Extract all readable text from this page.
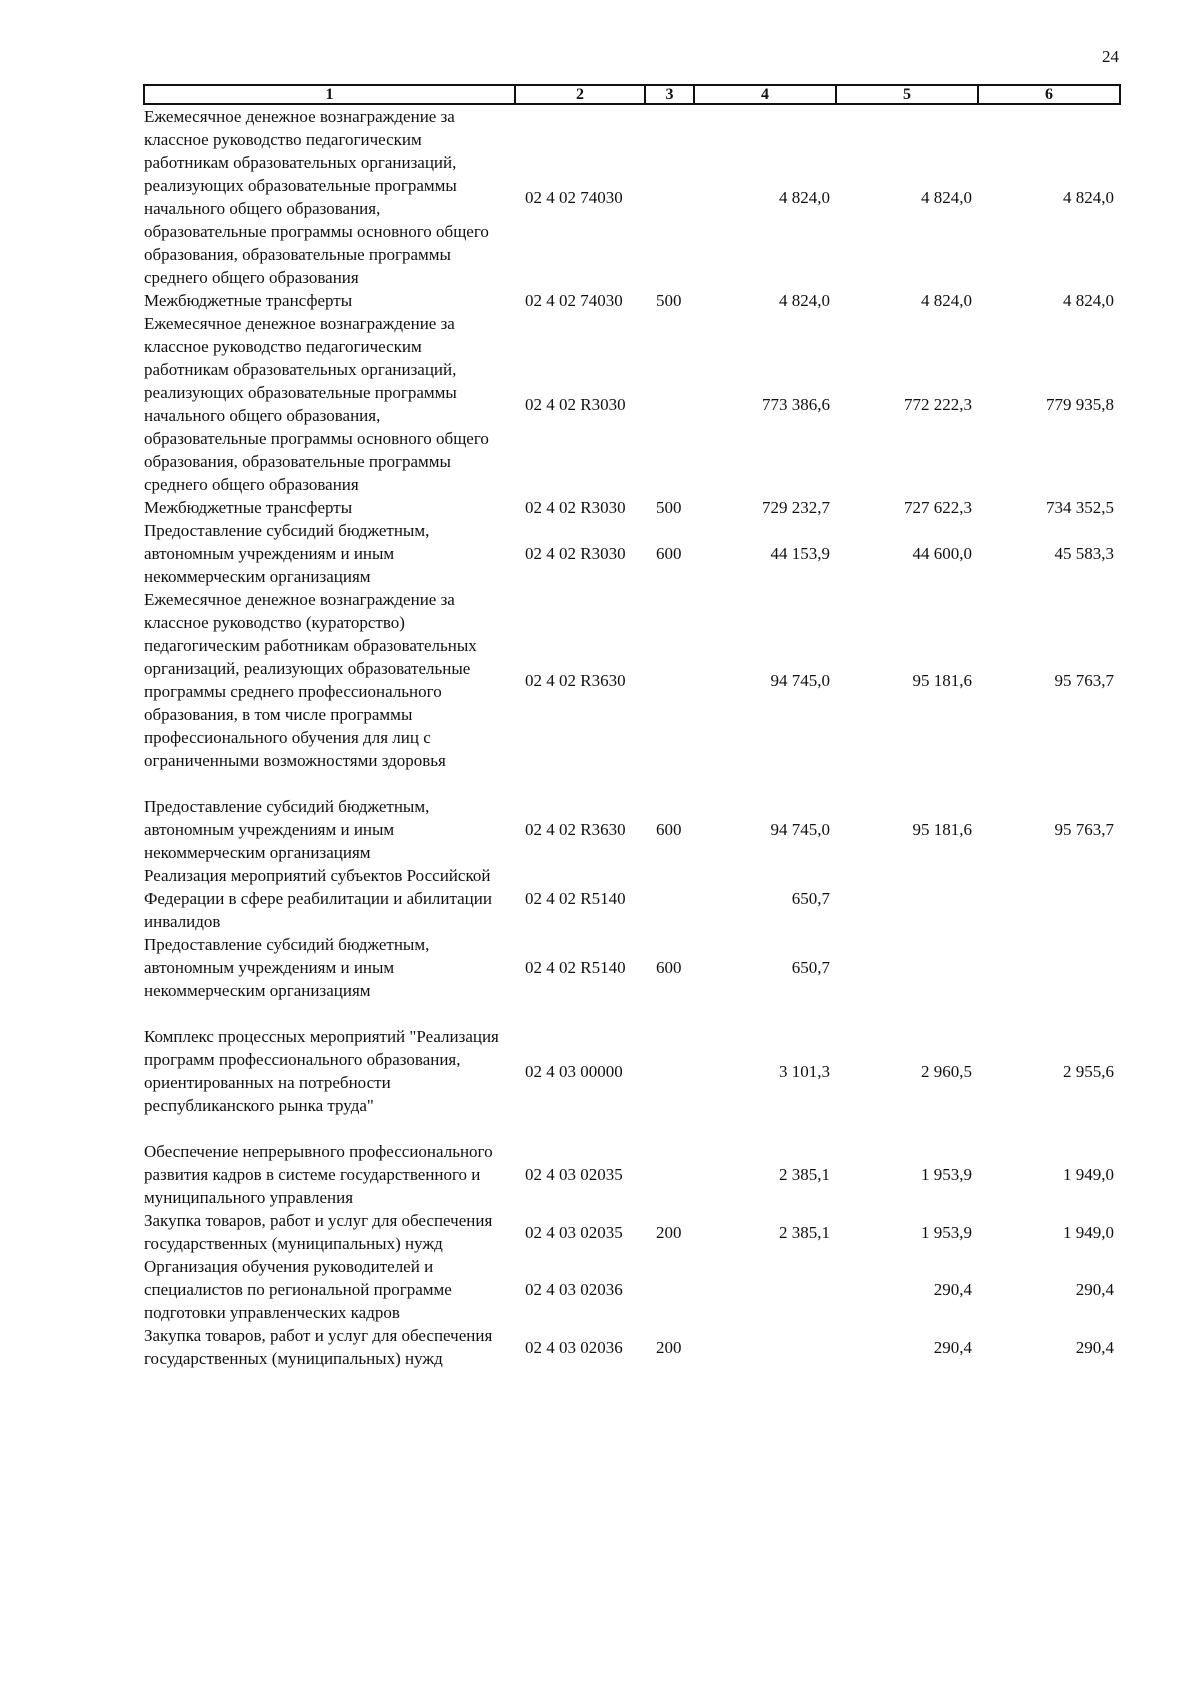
24
1	2	3	4	5	6
Ежемесячное денежное вознаграждение за классное руководство педагогическим работникам образовательных организаций, реализующих образовательные программы начального общего образования, образовательные программы основного общего образования, образовательные программы среднего общего образования	02 4 02 74030		4 824,0	4 824,0	4 824,0
Межбюджетные трансферты	02 4 02 74030	500	4 824,0	4 824,0	4 824,0
Ежемесячное денежное вознаграждение за классное руководство педагогическим работникам образовательных организаций, реализующих образовательные программы начального общего образования, образовательные программы основного общего образования, образовательные программы среднего общего образования	02 4 02 R3030		773 386,6	772 222,3	779 935,8
Межбюджетные трансферты	02 4 02 R3030	500	729 232,7	727 622,3	734 352,5
Предоставление субсидий бюджетным, автономным учреждениям и иным некоммерческим организациям	02 4 02 R3030	600	44 153,9	44 600,0	45 583,3
Ежемесячное денежное вознаграждение за классное руководство (кураторство) педагогическим работникам образовательных организаций, реализующих образовательные программы среднего профессионального образования, в том числе программы профессионального обучения для лиц с ограниченными возможностями здоровья	02 4 02 R3630		94 745,0	95 181,6	95 763,7
Предоставление субсидий бюджетным, автономным учреждениям и иным некоммерческим организациям	02 4 02 R3630	600	94 745,0	95 181,6	95 763,7
Реализация мероприятий субъектов Российской Федерации в сфере реабилитации и абилитации инвалидов	02 4 02 R5140		650,7		
Предоставление субсидий бюджетным, автономным учреждениям и иным некоммерческим организациям	02 4 02 R5140	600	650,7		
Комплекс процессных мероприятий "Реализация программ профессионального образования, ориентированных на потребности республиканского рынка труда"	02 4 03 00000		3 101,3	2 960,5	2 955,6
Обеспечение непрерывного профессионального развития кадров в системе государственного и муниципального управления	02 4 03 02035		2 385,1	1 953,9	1 949,0
Закупка товаров, работ и услуг для обеспечения государственных (муниципальных) нужд	02 4 03 02035	200	2 385,1	1 953,9	1 949,0
Организация обучения руководителей и специалистов по региональной программе подготовки управленческих кадров	02 4 03 02036			290,4	290,4
Закупка товаров, работ и услуг для обеспечения государственных (муниципальных) нужд	02 4 03 02036	200		290,4	290,4
